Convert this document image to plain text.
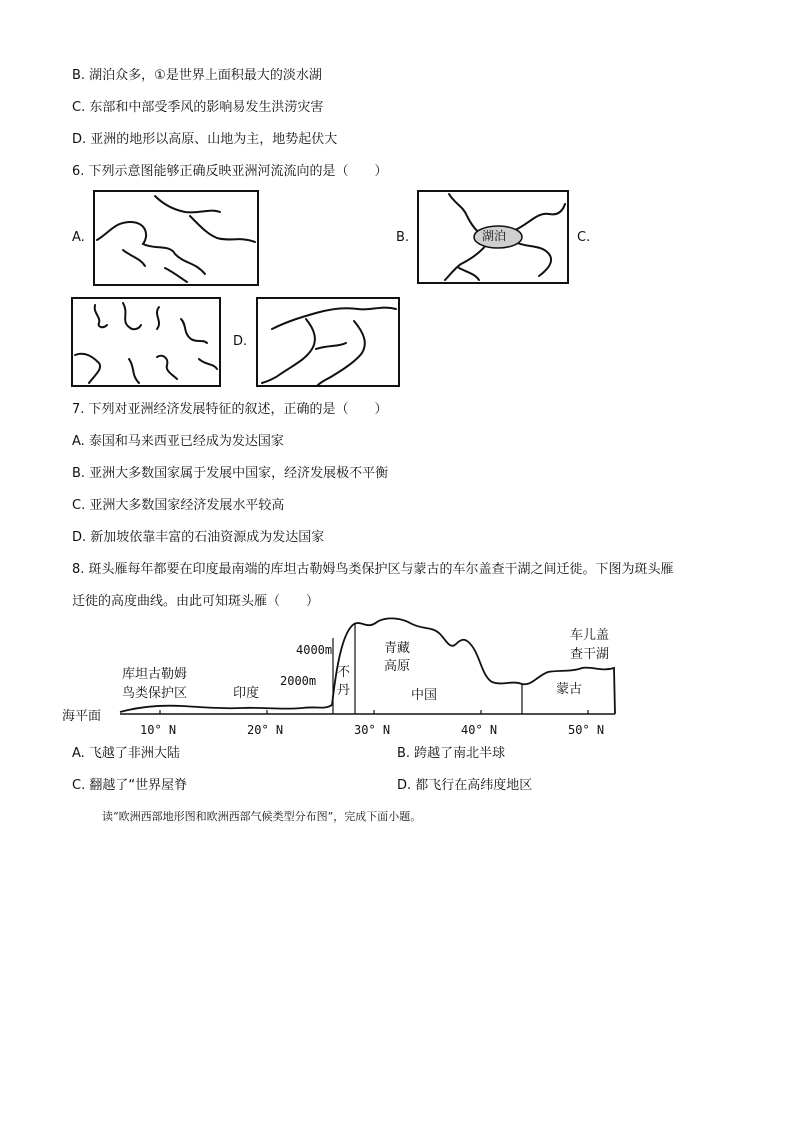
B. 湖泊众多，①是世界上面积最大的淡水湖
C. 东部和中部受季风的影响易发生洪涝灾害
D. 亚洲的地形以高原、山地为主，地势起伏大
6. 下列示意图能够正确反映亚洲河流流向的是（　　）
A.	B.	湖泊	C.
D.
7. 下列对亚洲经济发展特征的叙述，正确的是（　　）
A. 泰国和马来西亚已经成为发达国家
B. 亚洲大多数国家属于发展中国家，经济发展极不平衡
C. 亚洲大多数国家经济发展水平较高
D. 新加坡依靠丰富的石油资源成为发达国家
8. 斑头雁每年都要在印度最南端的库坦古勒姆鸟类保护区与蒙古的车尔盖查干湖之间迁徙。下图为斑头雁
迁徙的高度曲线。由此可知斑头雁（　　）
海平面
10° N	20° N	30° N	40° N	50° N
4000m
2000m
库坦古勒姆
鸟类保护区	印度
不
丹
青藏
高原
中国	蒙古
车儿盖
查干湖
A. 飞越了非洲大陆	B. 跨越了南北半球
C. 翻越了“世界屋脊	D. 都飞行在高纬度地区
读“欧洲西部地形图和欧洲西部气候类型分布图”，完成下面小题。
